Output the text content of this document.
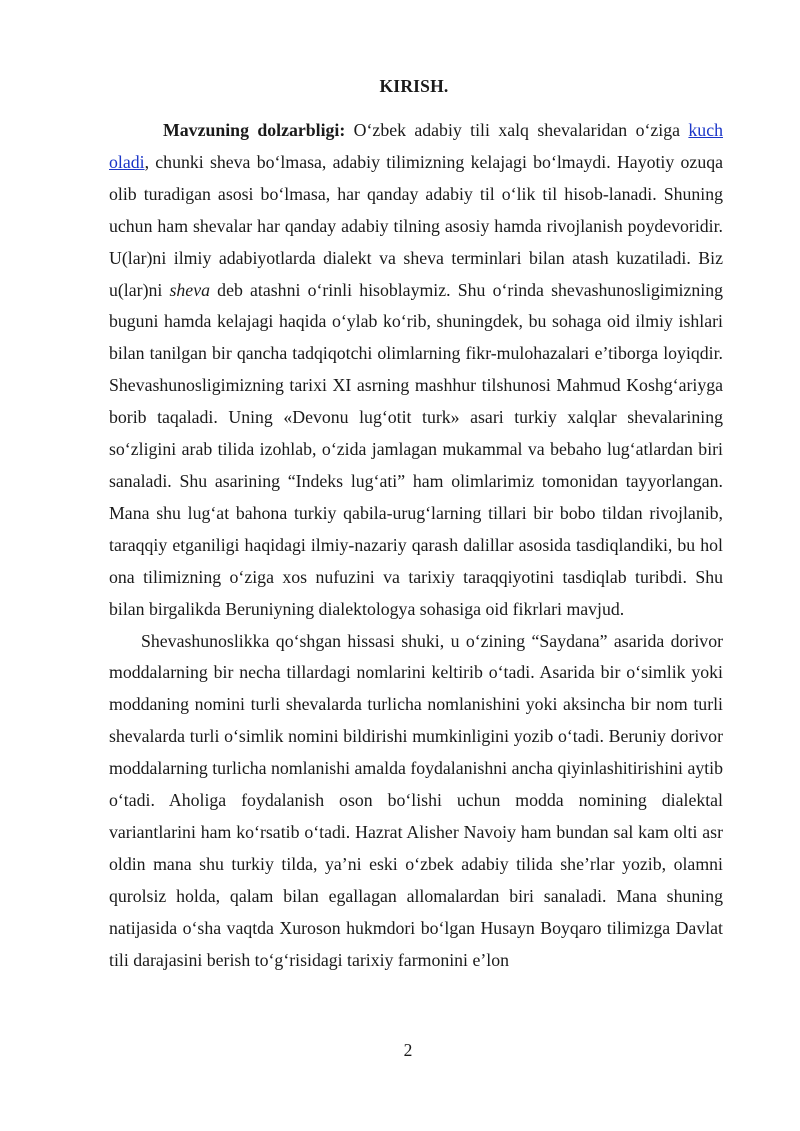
KIRISH.

Mavzuning dolzarbligi: O‘zbek adabiy tili xalq shevalaridan o‘ziga kuch oladi, chunki sheva bo‘lmasa, adabiy tilimizning kelajagi bo‘lmaydi. Hayotiy ozuqa olib turadigan asosi bo‘lmasa, har qanday adabiy til o‘lik til hisob-lanadi. Shuning uchun ham shevalar har qanday adabiy tilning asosiy hamda rivojlanish poydevoridir. U(lar)ni ilmiy adabiyotlarda dialekt va sheva terminlari bilan atash kuzatiladi. Biz u(lar)ni sheva deb atashni o‘rinli hisoblaymiz. Shu o‘rinda shevashunosligimizning buguni hamda kelajagi haqida o‘ylab ko‘rib, shuningdek, bu sohaga oid ilmiy ishlari bilan tanilgan bir qancha tadqiqotchi olimlarning fikr-mulohazalari e’tiborga loyiqdir. Shevashunosligimizning tarixi XI asrning mashhur tilshunosi Mahmud Koshg‘ariyga borib taqaladi. Uning «Devonu lug‘otit turk» asari turkiy xalqlar shevalarining so‘zligini arab tilida izohlab, o‘zida jamlagan mukammal va bebaho lug‘atlardan biri sanaladi. Shu asarining “Indeks lug‘ati” ham olimlarimiz tomonidan tayyorlangan. Mana shu lug‘at bahona turkiy qabila-urug‘larning tillari bir bobo tildan rivojlanib, taraqqiy etganiligi haqidagi ilmiy-nazariy qarash dalillar asosida tasdiqlandiki, bu hol ona tilimizning o‘ziga xos nufuzini va tarixiy taraqqiyotini tasdiqlab turibdi. Shu bilan birgalikda Beruniyning dialektologya sohasiga oid fikrlari mavjud.

Shevashunoslikka qo‘shgan hissasi shuki, u o‘zining “Saydana” asarida dorivor moddalarning bir necha tillardagi nomlarini keltirib o‘tadi. Asarida bir o‘simlik yoki moddaning nomini turli shevalarda turlicha nomlanishini yoki aksincha bir nom turli shevalarda turli o‘simlik nomini bildirishi mumkinligini yozib o‘tadi. Beruniy dorivor moddalarning turlicha nomlanishi amalda foydalanishni ancha qiyinlashitirishini aytib o‘tadi. Aholiga foydalanish oson bo‘lishi uchun modda nomining dialektal variantlarini ham ko‘rsatib o‘tadi. Hazrat Alisher Navoiy ham bundan sal kam olti asr oldin mana shu turkiy tilda, ya’ni eski o‘zbek adabiy tilida she’rlar yozib, olamni qurolsiz holda, qalam bilan egallagan allomalardan biri sanaladi. Mana shuning natijasida o‘sha vaqtda Xuroson hukmdori bo‘lgan Husayn Boyqaro tilimizga Davlat tili darajasini berish to‘g‘risidagi tarixiy farmonini e’lon

2
